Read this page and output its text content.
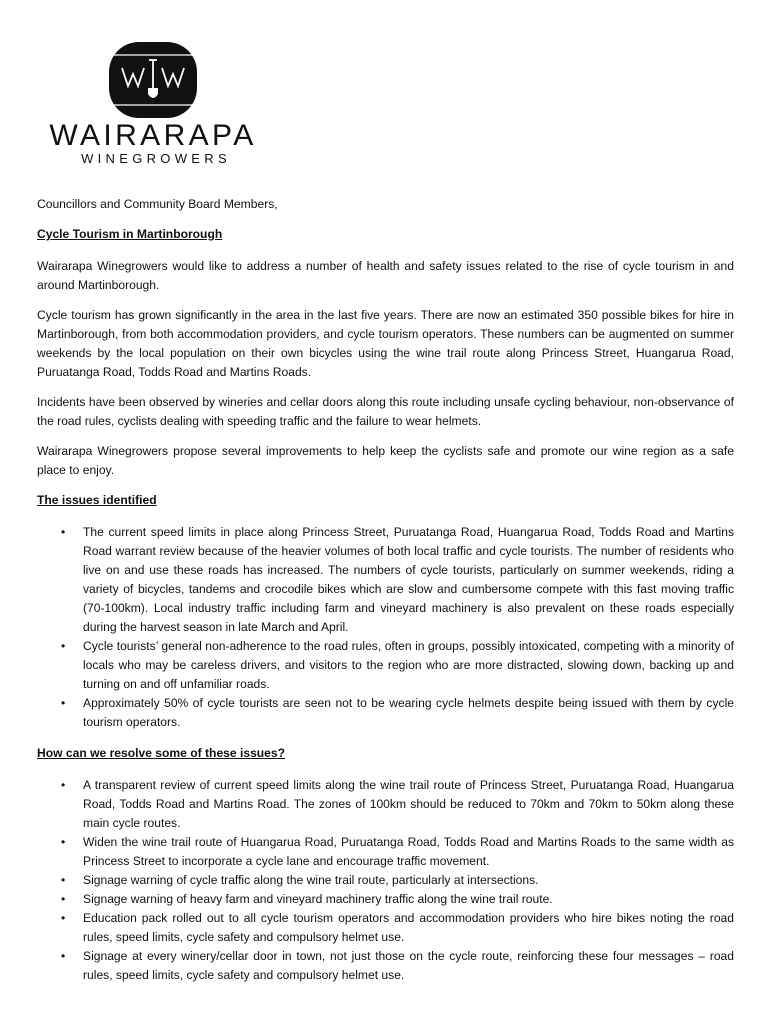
WAIRARAPA
WINEGROWERS

Councillors and Community Board Members,

Cycle Tourism in Martinborough

Wairarapa Winegrowers would like to address a number of health and safety issues related to the rise of cycle tourism in and around Martinborough.

Cycle tourism has grown significantly in the area in the last five years. There are now an estimated 350 possible bikes for hire in Martinborough, from both accommodation providers, and cycle tourism operators. These numbers can be augmented on summer weekends by the local population on their own bicycles using the wine trail route along Princess Street, Huangarua Road, Puruatanga Road, Todds Road and Martins Roads.

Incidents have been observed by wineries and cellar doors along this route including unsafe cycling behaviour, non-observance of the road rules, cyclists dealing with speeding traffic and the failure to wear helmets.

Wairarapa Winegrowers propose several improvements to help keep the cyclists safe and promote our wine region as a safe place to enjoy.

The issues identified

• The current speed limits in place along Princess Street, Puruatanga Road, Huangarua Road, Todds Road and Martins Road warrant review because of the heavier volumes of both local traffic and cycle tourists. The number of residents who live on and use these roads has increased. The numbers of cycle tourists, particularly on summer weekends, riding a variety of bicycles, tandems and crocodile bikes which are slow and cumbersome compete with this fast moving traffic (70-100km). Local industry traffic including farm and vineyard machinery is also prevalent on these roads especially during the harvest season in late March and April.
• Cycle tourists’ general non-adherence to the road rules, often in groups, possibly intoxicated, competing with a minority of locals who may be careless drivers, and visitors to the region who are more distracted, slowing down, backing up and turning on and off unfamiliar roads.
• Approximately 50% of cycle tourists are seen not to be wearing cycle helmets despite being issued with them by cycle tourism operators.

How can we resolve some of these issues?

• A transparent review of current speed limits along the wine trail route of Princess Street, Puruatanga Road, Huangarua Road, Todds Road and Martins Road. The zones of 100km should be reduced to 70km and 70km to 50km along these main cycle routes.
• Widen the wine trail route of Huangarua Road, Puruatanga Road, Todds Road and Martins Roads to the same width as Princess Street to incorporate a cycle lane and encourage traffic movement.
• Signage warning of cycle traffic along the wine trail route, particularly at intersections.
• Signage warning of heavy farm and vineyard machinery traffic along the wine trail route.
• Education pack rolled out to all cycle tourism operators and accommodation providers who hire bikes noting the road rules, speed limits, cycle safety and compulsory helmet use.
• Signage at every winery/cellar door in town, not just those on the cycle route, reinforcing these four messages – road rules, speed limits, cycle safety and compulsory helmet use.
